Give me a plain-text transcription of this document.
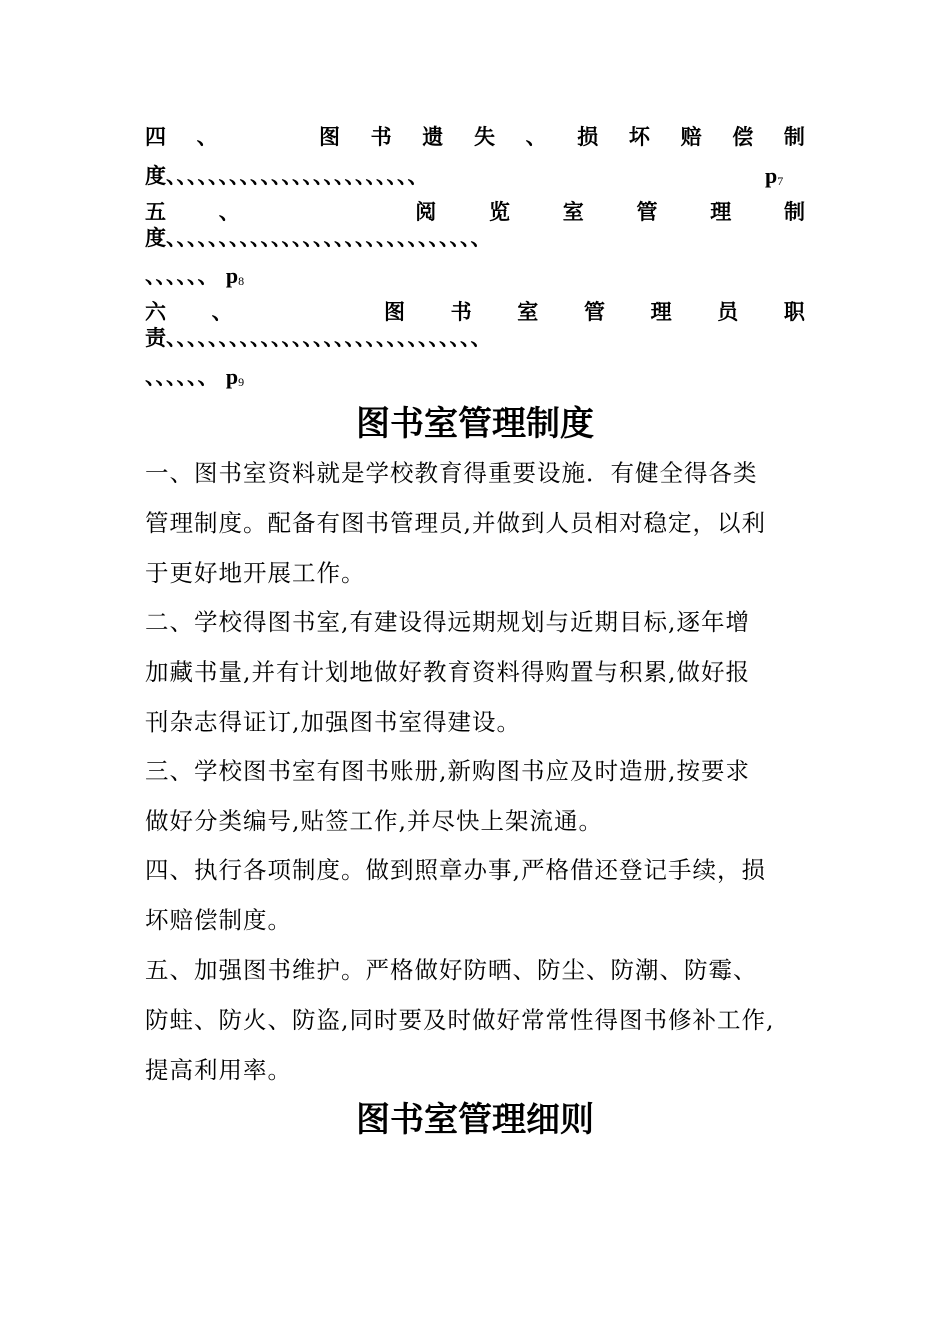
四 、	图 书 遗 失 、 损 坏 赔 偿 制
度、、、、、、、、、、、、、、、、、、、、、、、、	$p_7$
五	、	阅	览	室	管	理	制
度、、、、、、、、、、、、、、、、、、、、、、、、、、、、、、
、、、、、、 $p_8$
六 、	图 书 室 管 理 员 职
责、、、、、、、、、、、、、、、、、、、、、、、、、、、、、、
、、、、、、 $p_9$
图书室管理制度
一、图书室资料就是学校教育得重要设施．有健全得各类
管理制度。配备有图书管理员,并做到人员相对稳定，以利
于更好地开展工作。
二、学校得图书室,有建设得远期规划与近期目标,逐年增
加藏书量,并有计划地做好教育资料得购置与积累,做好报
刊杂志得证订,加强图书室得建设。
三、学校图书室有图书账册,新购图书应及时造册,按要求
做好分类编号,贴签工作,并尽快上架流通。
四、执行各项制度。做到照章办事,严格借还登记手续，损
坏赔偿制度。
五、加强图书维护。严格做好防晒、防尘、防潮、防霉、
防蛀、防火、防盗,同时要及时做好常常性得图书修补工作,
提高利用率。
图书室管理细则
